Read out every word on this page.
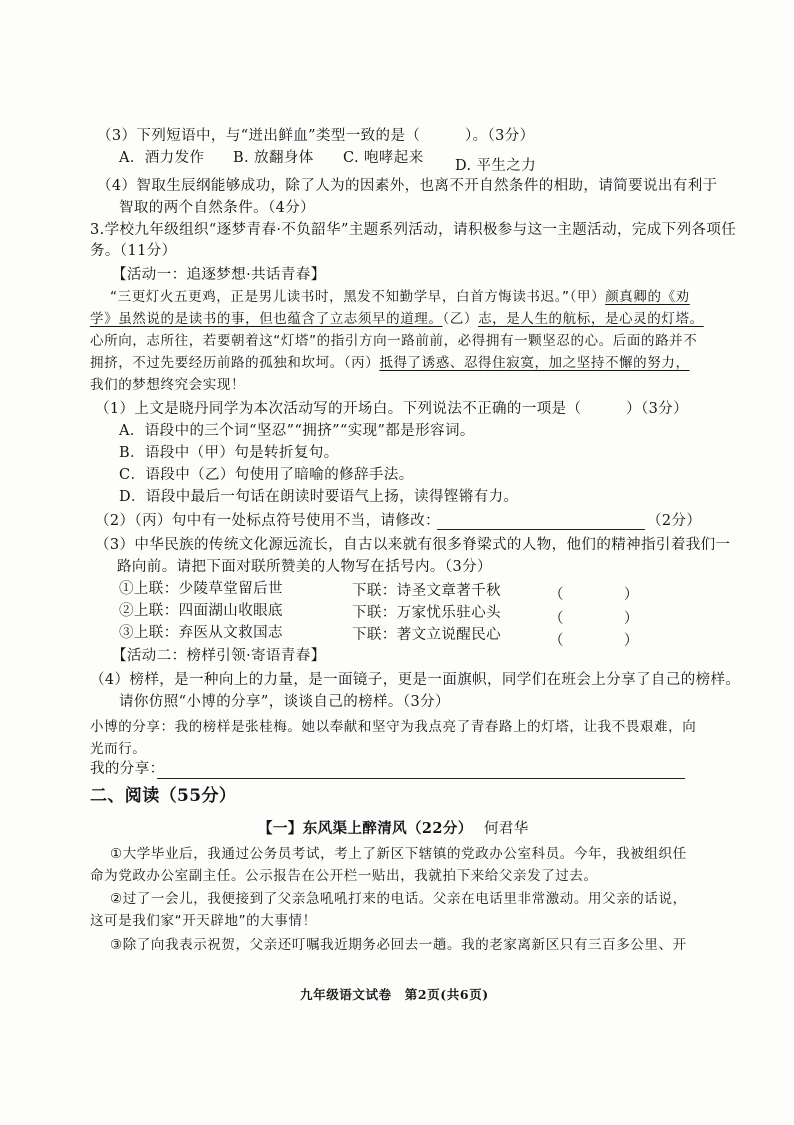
（3）下列短语中，与“迸出鲜血”类型一致的是（　　　）。（3分）
A．酒力发作 B. 放翻身体 C. 咆哮起来 D. 平生之力
（4）智取生辰纲能够成功，除了人为的因素外，也离不开自然条件的相助，请简要说出有利于
智取的两个自然条件。（4分）
3.学校九年级组织“逐梦青春·不负韶华”主题系列活动，请积极参与这一主题活动，完成下列各项任
务。（11分）
【活动一：追逐梦想·共话青春】
“三更灯火五更鸡，正是男儿读书时，黑发不知勤学早，白首方悔读书迟。”（甲）颜真卿的《劝
学》虽然说的是读书的事，但也蕴含了立志须早的道理。（乙）志，是人生的航标，是心灵的灯塔。
心所向，志所往，若要朝着这“灯塔”的指引方向一路前前，必得拥有一颗坚忍的心。后面的路并不
拥挤，不过先要经历前路的孤独和坎坷。（丙）抵得了诱惑、忍得住寂寞，加之坚持不懈的努力，
我们的梦想终究会实现！
（1）上文是晓丹同学为本次活动写的开场白。下列说法不正确的一项是（　　　）（3分）
A．语段中的三个词“坚忍”“拥挤”“实现”都是形容词。
B．语段中（甲）句是转折复句。
C．语段中（乙）句使用了暗喻的修辞手法。
D．语段中最后一句话在朗读时要语气上扬，读得铿锵有力。
（2）（丙）句中有一处标点符号使用不当，请修改：	（2分）
（3）中华民族的传统文化源远流长，自古以来就有很多脊梁式的人物，他们的精神指引着我们一
路向前。请把下面对联所赞美的人物写在括号内。（3分）
①上联：少陵草堂留后世	下联：诗圣文章著千秋	（	）
②上联：四面湖山收眼底	下联：万家忧乐驻心头	（	）
③上联：弃医从文救国志	下联：著文立说醒民心	（	）
【活动二：榜样引领·寄语青春】
（4）榜样，是一种向上的力量，是一面镜子，更是一面旗帜，同学们在班会上分享了自己的榜样。
请你仿照“小博的分享”，谈谈自己的榜样。（3分）
小博的分享：我的榜样是张桂梅。她以奉献和坚守为我点亮了青春路上的灯塔，让我不畏艰难，向
光而行。
我的分享：
二、阅读（55分）
【一】东风渠上醉清风（22分） 何君华
①大学毕业后，我通过公务员考试，考上了新区下辖镇的党政办公室科员。今年，我被组织任
命为党政办公室副主任。公示报告在公开栏一贴出，我就拍下来给父亲发了过去。
②过了一会儿，我便接到了父亲急吼吼打来的电话。父亲在电话里非常激动。用父亲的话说，
这可是我们家“开天辟地”的大事情！
③除了向我表示祝贺，父亲还叮嘱我近期务必回去一趟。我的老家离新区只有三百多公里、开
九年级语文试卷　第2页(共6页)
